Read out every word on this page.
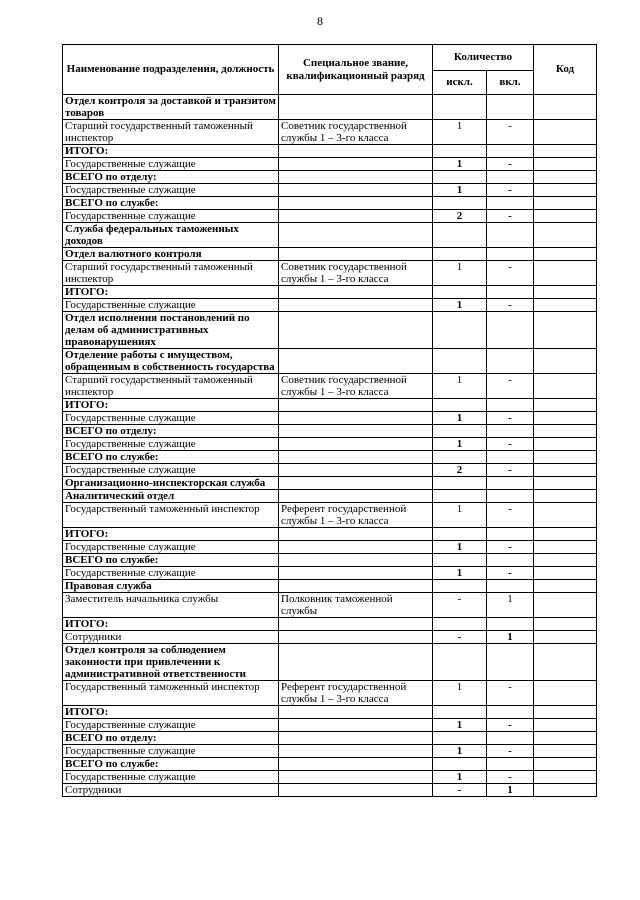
8
Наименование подразделения, должность	Специальное звание, квалификационный разряд	Количество		Код
		искл.	вкл.	
Отдел контроля за доставкой и транзитом товаров				
Старший государственный таможенный инспектор	Советник государственной службы 1 – 3-го класса	1	-	
ИТОГО:				
Государственные служащие		1	-	
ВСЕГО по отделу:				
Государственные служащие		1	-	
ВСЕГО по службе:				
Государственные служащие		2	-	
Служба федеральных таможенных доходов				
Отдел валютного контроля				
Старший государственный таможенный инспектор	Советник государственной службы 1 – 3-го класса	1	-	
ИТОГО:				
Государственные служащие		1	-	
Отдел исполнения постановлений по делам об административных правонарушениях				
Отделение работы с имуществом, обращенным в собственность государства				
Старший государственный таможенный инспектор	Советник государственной службы 1 – 3-го класса	1	-	
ИТОГО:				
Государственные служащие		1	-	
ВСЕГО по отделу:				
Государственные служащие		1	-	
ВСЕГО по службе:				
Государственные служащие		2	-	
Организационно-инспекторская служба				
Аналитический отдел				
Государственный таможенный инспектор	Референт государственной службы 1 – 3-го класса	1	-	
ИТОГО:				
Государственные служащие		1	-	
ВСЕГО по службе:				
Государственные служащие		1	-	
Правовая служба				
Заместитель начальника службы	Полковник таможенной службы	-	1	
ИТОГО:				
Сотрудники		-	1	
Отдел контроля за соблюдением законности при привлечении к административной ответственности				
Государственный таможенный инспектор	Референт государственной службы 1 – 3-го класса	1	-	
ИТОГО:				
Государственные служащие		1	-	
ВСЕГО по отделу:				
Государственные служащие		1	-	
ВСЕГО по службе:				
Государственные служащие		1	-	
Сотрудники		-	1	
